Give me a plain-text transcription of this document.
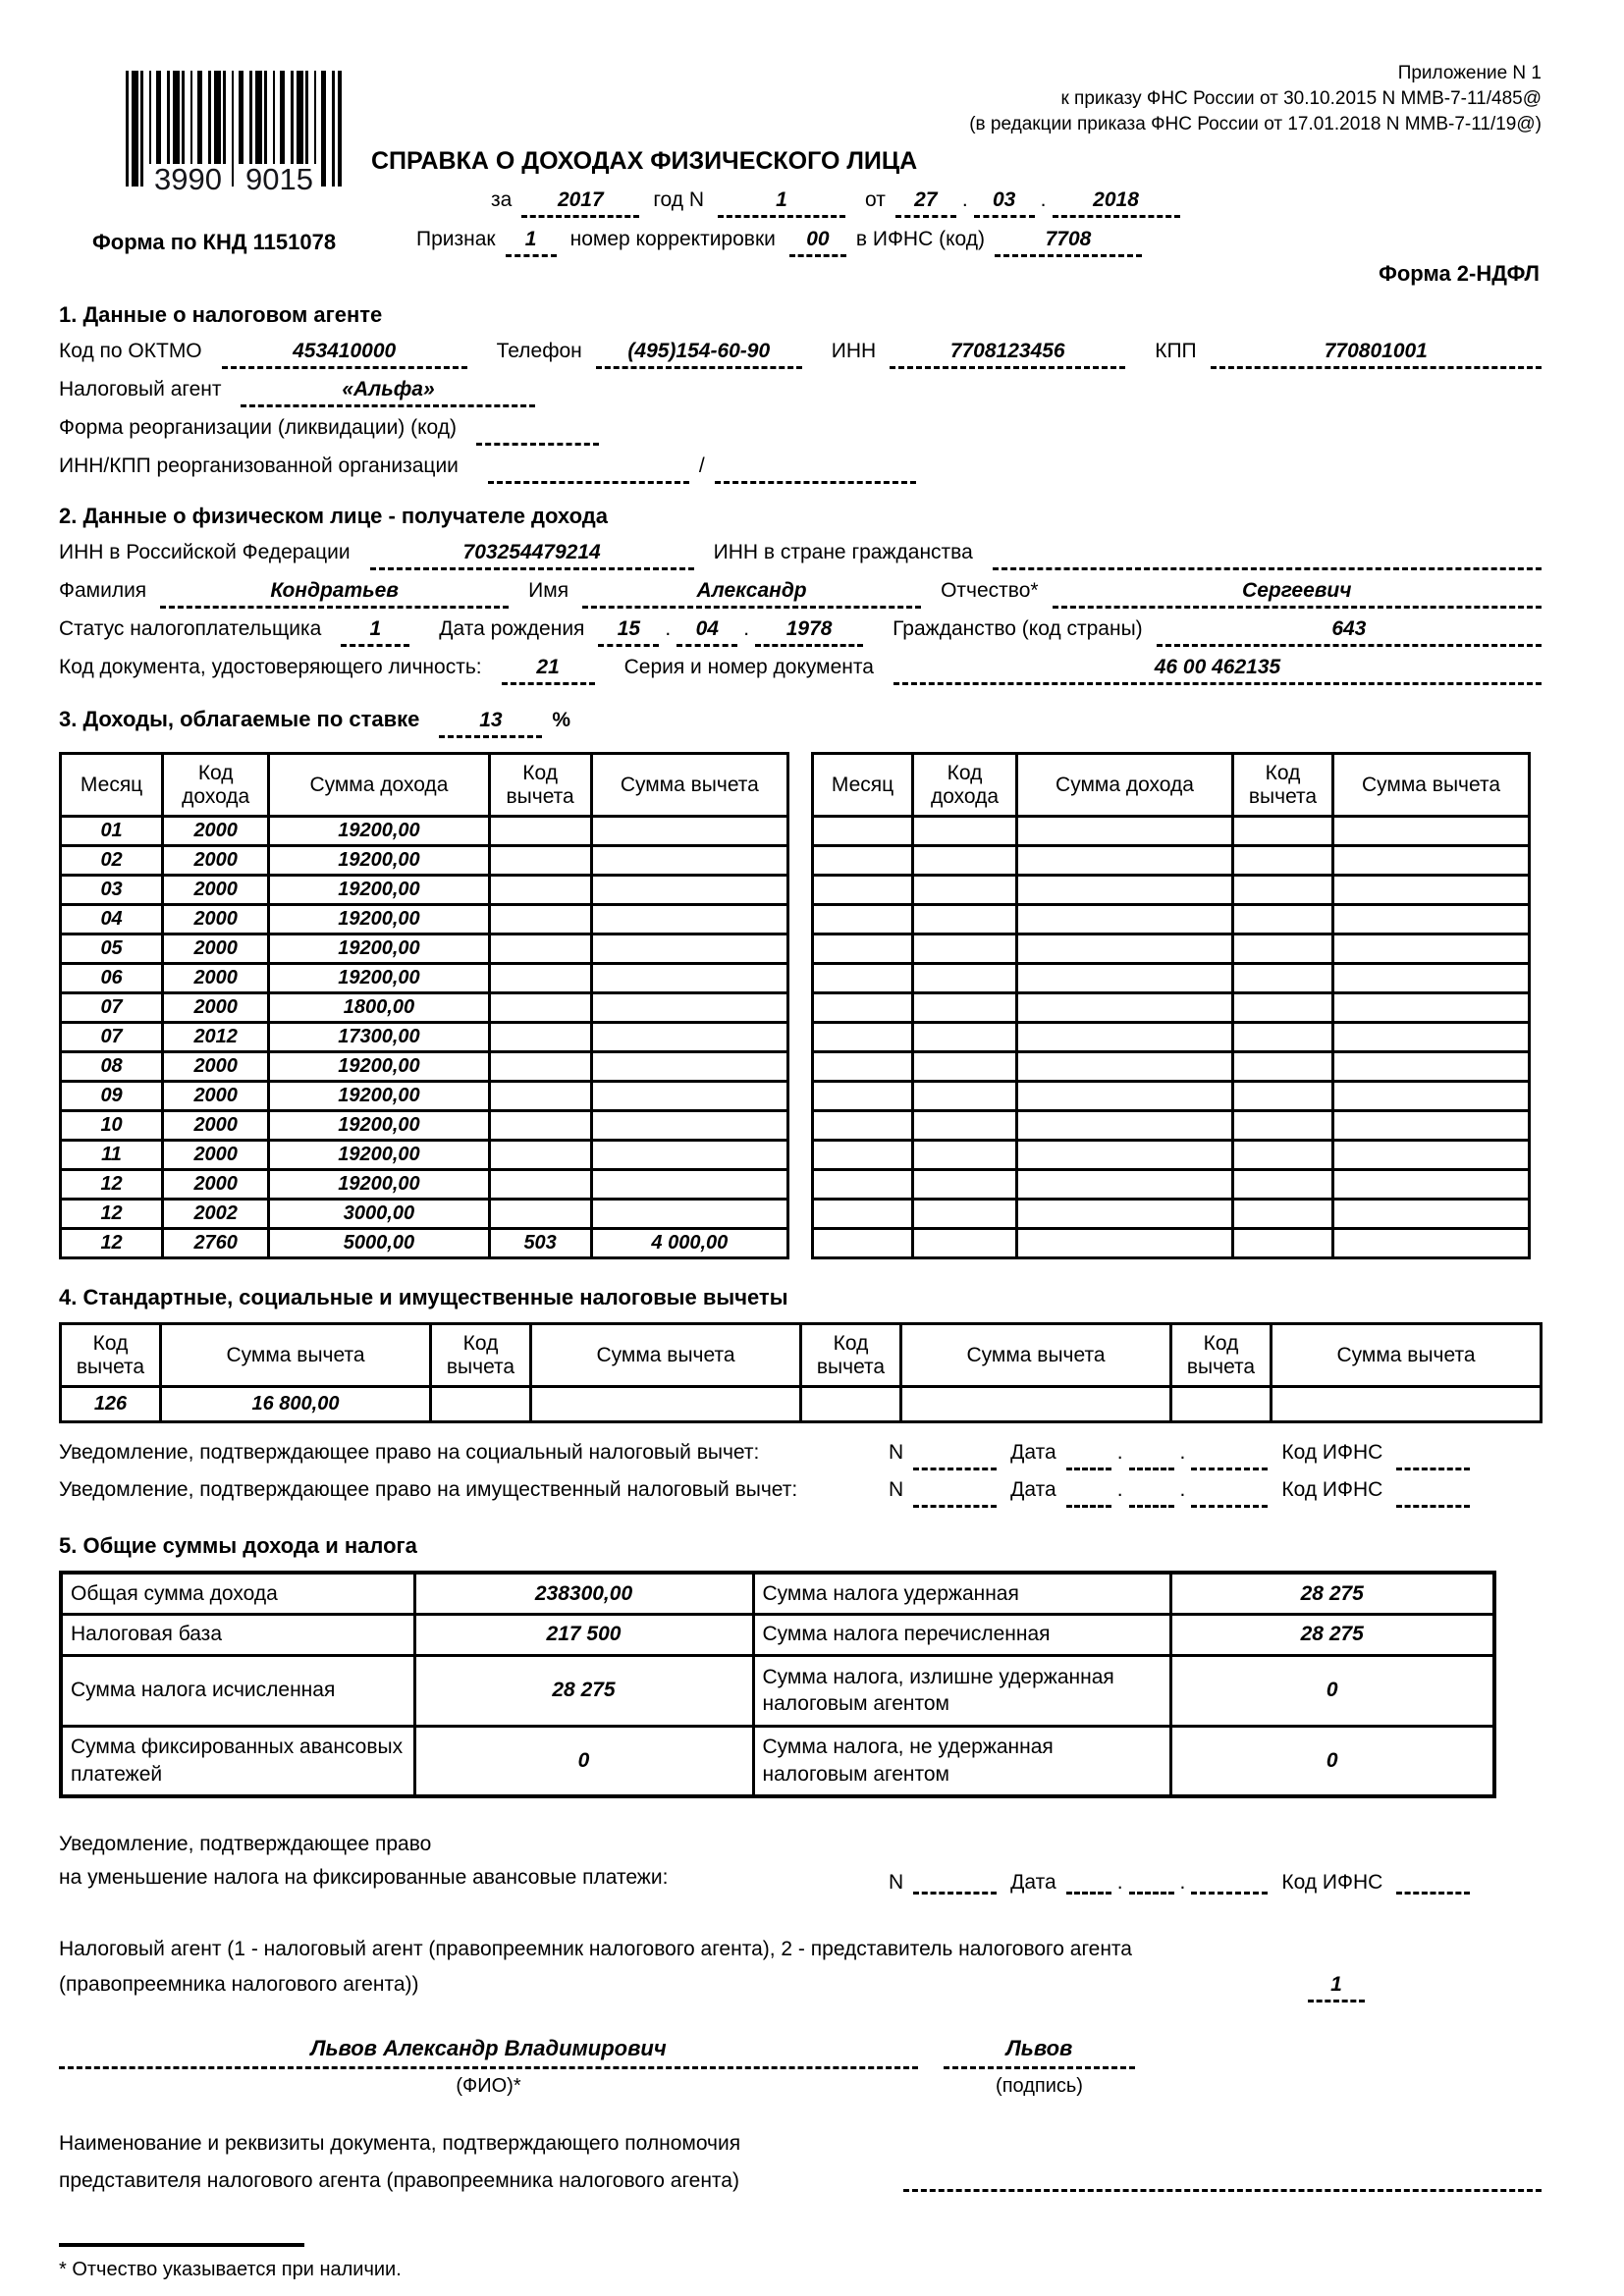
3990 9015
Форма по КНД 1151078
Приложение N 1
к приказу ФНС России от 30.10.2015 N ММВ-7-11/485@
(в редакции приказа ФНС России от 17.01.2018 N ММВ-7-11/19@)
СПРАВКА О ДОХОДАХ ФИЗИЧЕСКОГО ЛИЦА
за	2017	год N	1	от	27	.	03	.	2018
Признак	1	номер корректировки	00	в ИФНС (код)	7708
Форма 2-НДФЛ
1. Данные о налоговом агенте
Код по ОКТМО	453410000	Телефон	(495)154-60-90	ИНН	7708123456	КПП	770801001
Налоговый агент	«Альфа»
Форма реорганизации (ликвидации) (код)
ИНН/КПП реорганизованной организации	/
2. Данные о физическом лице - получателе дохода
ИНН в Российской Федерации	703254479214	ИНН в стране гражданства
Фамилия	Кондратьев	Имя	Александр	Отчество*	Сергеевич
Статус налогоплательщика	1	Дата рождения	15	.	04	.	1978	Гражданство (код страны)	643
Код документа, удостоверяющего личность:	21	Серия и номер документа	46 00 462135
3. Доходы, облагаемые по ставке	13	%
Месяц	Код дохода	Сумма дохода	Код вычета	Сумма вычета
01	2000	19200,00		
02	2000	19200,00		
03	2000	19200,00		
04	2000	19200,00		
05	2000	19200,00		
06	2000	19200,00		
07	2000	1800,00		
07	2012	17300,00		
08	2000	19200,00		
09	2000	19200,00		
10	2000	19200,00		
11	2000	19200,00		
12	2000	19200,00		
12	2002	3000,00		
12	2760	5000,00	503	4 000,00
Месяц	Код дохода	Сумма дохода	Код вычета	Сумма вычета

4. Стандартные, социальные и имущественные налоговые вычеты
Код вычета	Сумма вычета	Код вычета	Сумма вычета	Код вычета	Сумма вычета	Код вычета	Сумма вычета
126	16 800,00						
Уведомление, подтверждающее право на социальный налоговый вычет:	N	Дата	.	.	Код ИФНС
Уведомление, подтверждающее право на имущественный налоговый вычет:	N	Дата	.	.	Код ИФНС
5. Общие суммы дохода и налога
Общая сумма дохода	238300,00	Сумма налога удержанная	28 275
Налоговая база	217 500	Сумма налога перечисленная	28 275
Сумма налога исчисленная	28 275	Сумма налога, излишне удержанная налоговым агентом	0
Сумма фиксированных авансовых платежей	0	Сумма налога, не удержанная налоговым агентом	0
Уведомление, подтверждающее право
на уменьшение налога на фиксированные авансовые платежи:	N	Дата	.	.	Код ИФНС
Налоговый агент (1 - налоговый агент (правопреемник налогового агента), 2 - представитель налогового агента
(правопреемника налогового агента))	1
Львов Александр Владимирович
(ФИО)*
Львов
(подпись)
Наименование и реквизиты документа, подтверждающего полномочия
представителя налогового агента (правопреемника налогового агента)
* Отчество указывается при наличии.
